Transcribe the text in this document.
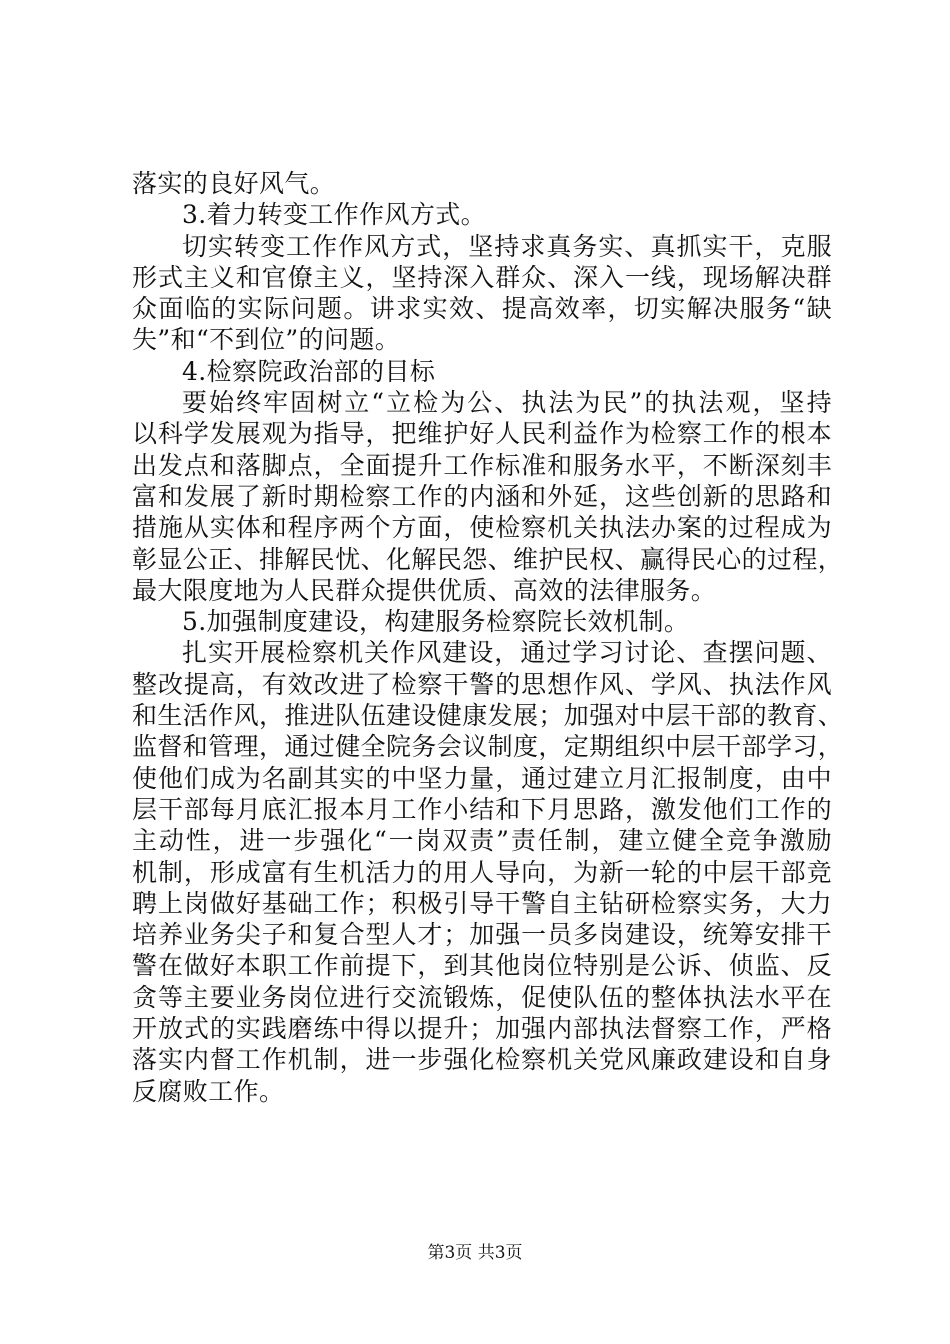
落实的良好风气。
3.着力转变工作作风方式。
切实转变工作作风方式，坚持求真务实、真抓实干，克服
形式主义和官僚主义，坚持深入群众、深入一线，现场解决群
众面临的实际问题。讲求实效、提高效率，切实解决服务“缺
失”和“不到位”的问题。
4.检察院政治部的目标
要始终牢固树立“立检为公、执法为民”的执法观，坚持
以科学发展观为指导，把维护好人民利益作为检察工作的根本
出发点和落脚点，全面提升工作标准和服务水平，不断深刻丰
富和发展了新时期检察工作的内涵和外延，这些创新的思路和
措施从实体和程序两个方面，使检察机关执法办案的过程成为
彰显公正、排解民忧、化解民怨、维护民权、赢得民心的过程，
最大限度地为人民群众提供优质、高效的法律服务。
5.加强制度建设，构建服务检察院长效机制。
扎实开展检察机关作风建设，通过学习讨论、查摆问题、
整改提高，有效改进了检察干警的思想作风、学风、执法作风
和生活作风，推进队伍建设健康发展；加强对中层干部的教育、
监督和管理，通过健全院务会议制度，定期组织中层干部学习，
使他们成为名副其实的中坚力量，通过建立月汇报制度，由中
层干部每月底汇报本月工作小结和下月思路，激发他们工作的
主动性，进一步强化“一岗双责”责任制，建立健全竞争激励
机制，形成富有生机活力的用人导向，为新一轮的中层干部竞
聘上岗做好基础工作；积极引导干警自主钻研检察实务，大力
培养业务尖子和复合型人才；加强一员多岗建设，统筹安排干
警在做好本职工作前提下，到其他岗位特别是公诉、侦监、反
贪等主要业务岗位进行交流锻炼，促使队伍的整体执法水平在
开放式的实践磨练中得以提升；加强内部执法督察工作，严格
落实内督工作机制，进一步强化检察机关党风廉政建设和自身
反腐败工作。
第3页 共3页
